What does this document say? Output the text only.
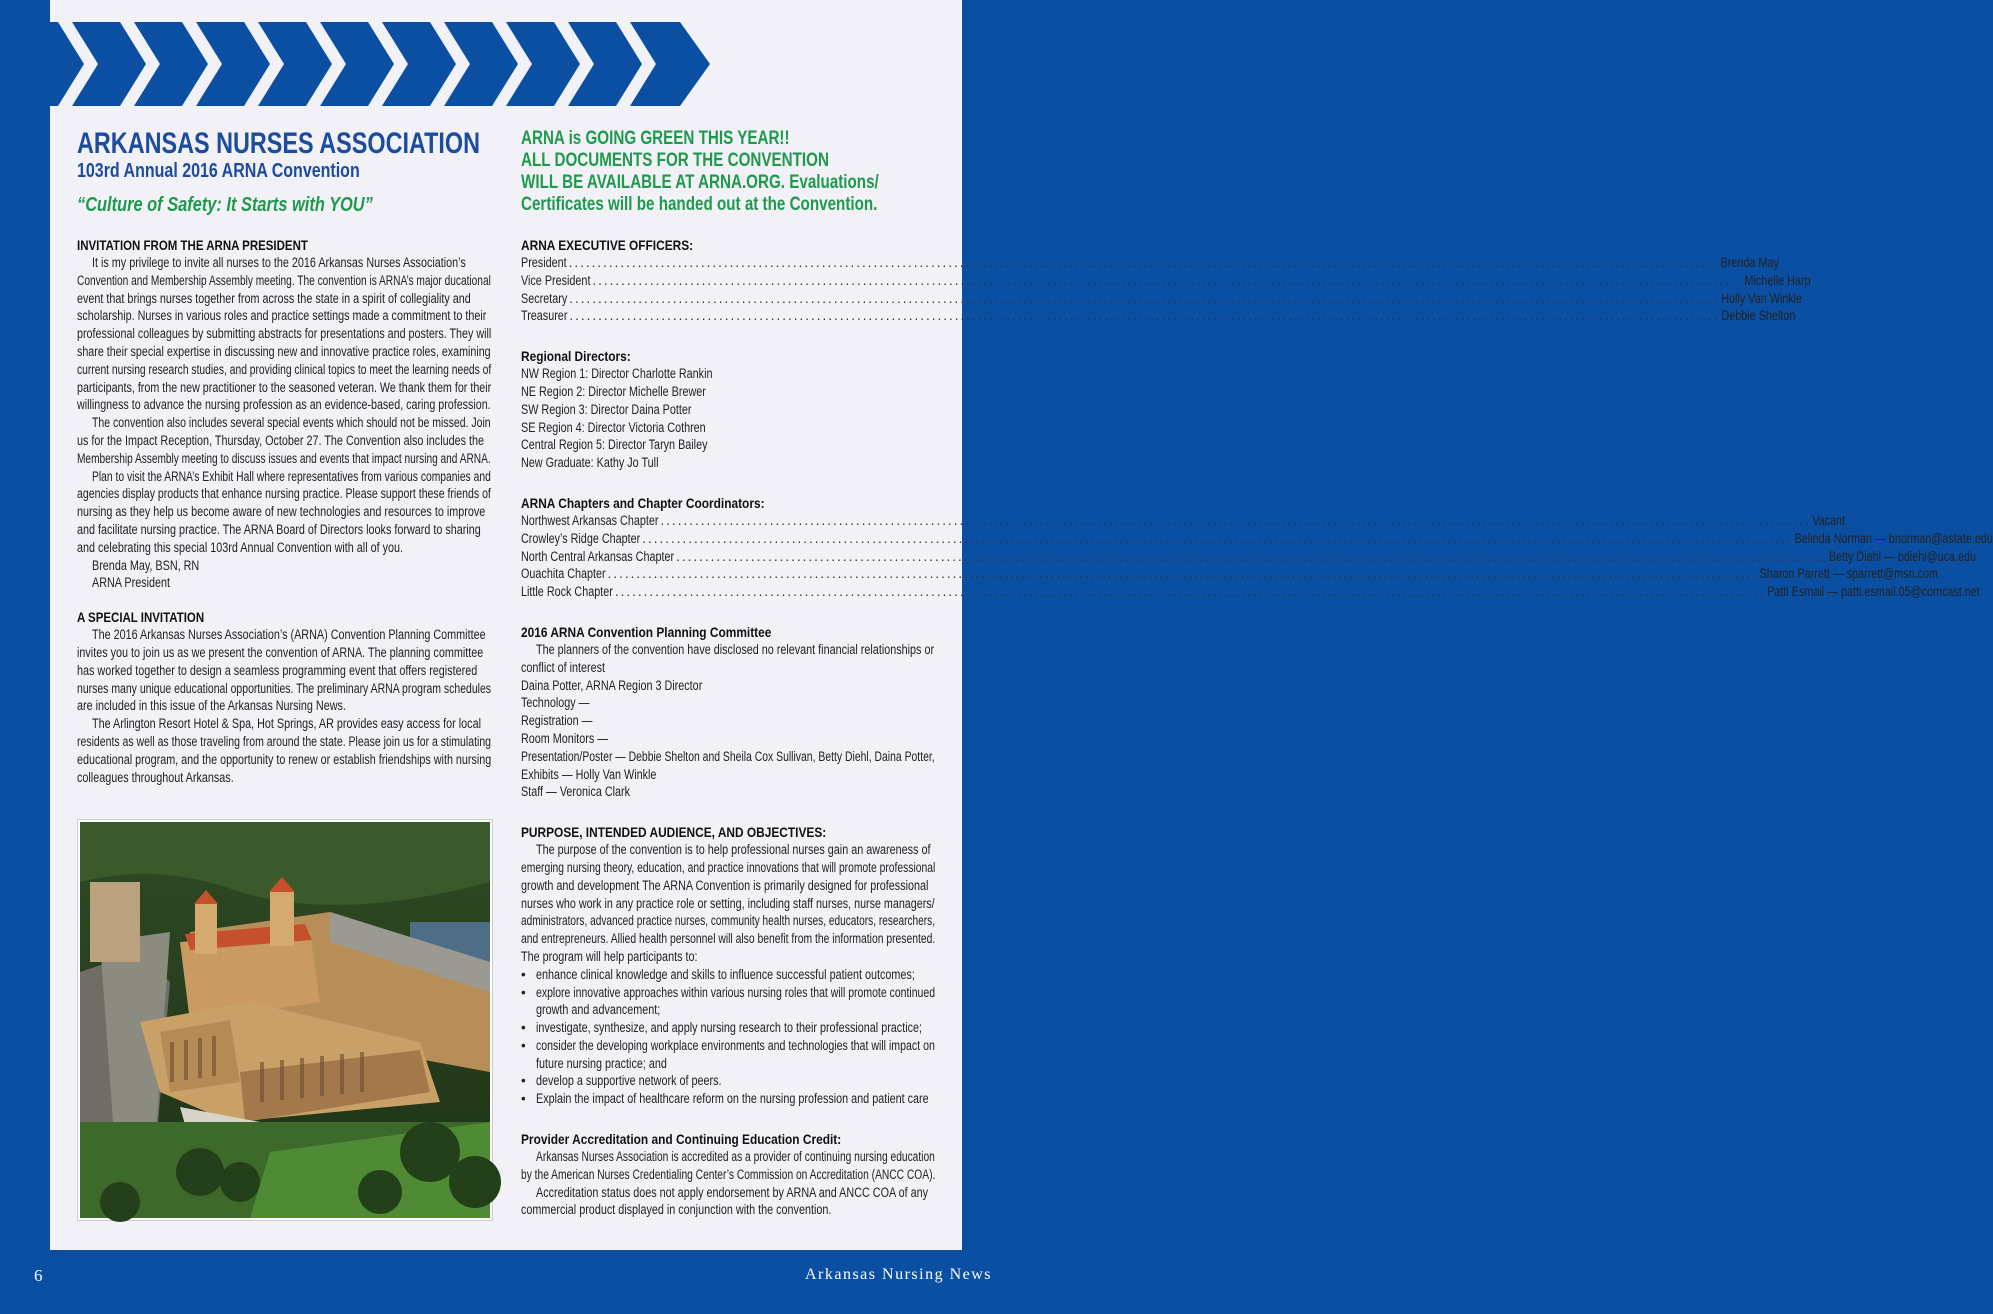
ARKANSAS NURSES ASSOCIATION
103rd Annual 2016 ARNA Convention
“Culture of Safety: It Starts with YOU”
INVITATION FROM THE ARNA PRESIDENT
It is my privilege to invite all nurses to the 2016 Arkansas Nurses Association’s
Convention and Membership Assembly meeting. The convention is ARNA’s major ducational
event that brings nurses together from across the state in a spirit of collegiality and
scholarship. Nurses in various roles and practice settings made a commitment to their
professional colleagues by submitting abstracts for presentations and posters. They will
share their special expertise in discussing new and innovative practice roles, examining
current nursing research studies, and providing clinical topics to meet the learning needs of
participants, from the new practitioner to the seasoned veteran. We thank them for their
willingness to advance the nursing profession as an evidence-based, caring profession.
The convention also includes several special events which should not be missed. Join
us for the Impact Reception, Thursday, October 27. The Convention also includes the
Membership Assembly meeting to discuss issues and events that impact nursing and ARNA.
Plan to visit the ARNA’s Exhibit Hall where representatives from various companies and
agencies display products that enhance nursing practice. Please support these friends of
nursing as they help us become aware of new technologies and resources to improve
and facilitate nursing practice. The ARNA Board of Directors looks forward to sharing
and celebrating this special 103rd Annual Convention with all of you.
Brenda May, BSN, RN
ARNA President
A SPECIAL INVITATION
The 2016 Arkansas Nurses Association’s (ARNA) Convention Planning Committee
invites you to join us as we present the convention of ARNA. The planning committee
has worked together to design a seamless programming event that offers registered
nurses many unique educational opportunities. The preliminary ARNA program schedules
are included in this issue of the Arkansas Nursing News.
The Arlington Resort Hotel & Spa, Hot Springs, AR provides easy access for local
residents as well as those traveling from around the state. Please join us for a stimulating
educational program, and the opportunity to renew or establish friendships with nursing
colleagues throughout Arkansas.
ARNA is GOING GREEN THIS YEAR!!
ALL DOCUMENTS FOR THE CONVENTION
WILL BE AVAILABLE AT ARNA.ORG. Evaluations/
Certificates will be handed out at the Convention.
ARNA EXECUTIVE OFFICERS:
President ........................................................................................................................................................................................................ Brenda May
Vice President ........................................................................................................................................................................................................ Michelle Harp
Secretary ........................................................................................................................................................................................................ Holly Van Winkle
Treasurer ........................................................................................................................................................................................................ Debbie Shelton
Regional Directors:
NW Region 1: Director Charlotte Rankin
NE Region 2: Director Michelle Brewer
SW Region 3: Director Daina Potter
SE Region 4: Director Victoria Cothren
Central Region 5: Director Taryn Bailey
New Graduate: Kathy Jo Tull
ARNA Chapters and Chapter Coordinators:
Northwest Arkansas Chapter ........................................................................................................................................................................................................ Vacant
Crowley’s Ridge Chapter ........................................................................................................................................................................................................ Belinda Norman — bnorman@astate.edu
North Central Arkansas Chapter ........................................................................................................................................................................................................ Betty Diehl — bdiehl@uca.edu
Ouachita Chapter ........................................................................................................................................................................................................ Sharon Parrett — sparrett@msn.com
Little Rock Chapter ........................................................................................................................................................................................................ Patti Esmail — patti.esmail.05@comcast.net
2016 ARNA Convention Planning Committee
The planners of the convention have disclosed no relevant financial relationships or
conflict of interest
Daina Potter, ARNA Region 3 Director
Technology —
Registration —
Room Monitors —
Presentation/Poster — Debbie Shelton and Sheila Cox Sullivan, Betty Diehl, Daina Potter,
Exhibits — Holly Van Winkle
Staff — Veronica Clark
PURPOSE, INTENDED AUDIENCE, AND OBJECTIVES:
The purpose of the convention is to help professional nurses gain an awareness of
emerging nursing theory, education, and practice innovations that will promote professional
growth and development The ARNA Convention is primarily designed for professional
nurses who work in any practice role or setting, including staff nurses, nurse managers/
administrators, advanced practice nurses, community health nurses, educators, researchers,
and entrepreneurs. Allied health personnel will also benefit from the information presented.
The program will help participants to:
• enhance clinical knowledge and skills to influence successful patient outcomes;
• explore innovative approaches within various nursing roles that will promote continued
growth and advancement;
• investigate, synthesize, and apply nursing research to their professional practice;
• consider the developing workplace environments and technologies that will impact on
future nursing practice; and
• develop a supportive network of peers.
• Explain the impact of healthcare reform on the nursing profession and patient care
Provider Accreditation and Continuing Education Credit:
Arkansas Nurses Association is accredited as a provider of continuing nursing education
by the American Nurses Credentialing Center’s Commission on Accreditation (ANCC COA).
Accreditation status does not apply endorsement by ARNA and ANCC COA of any
commercial product displayed in conjunction with the convention.
6	Arkansas Nursing News
